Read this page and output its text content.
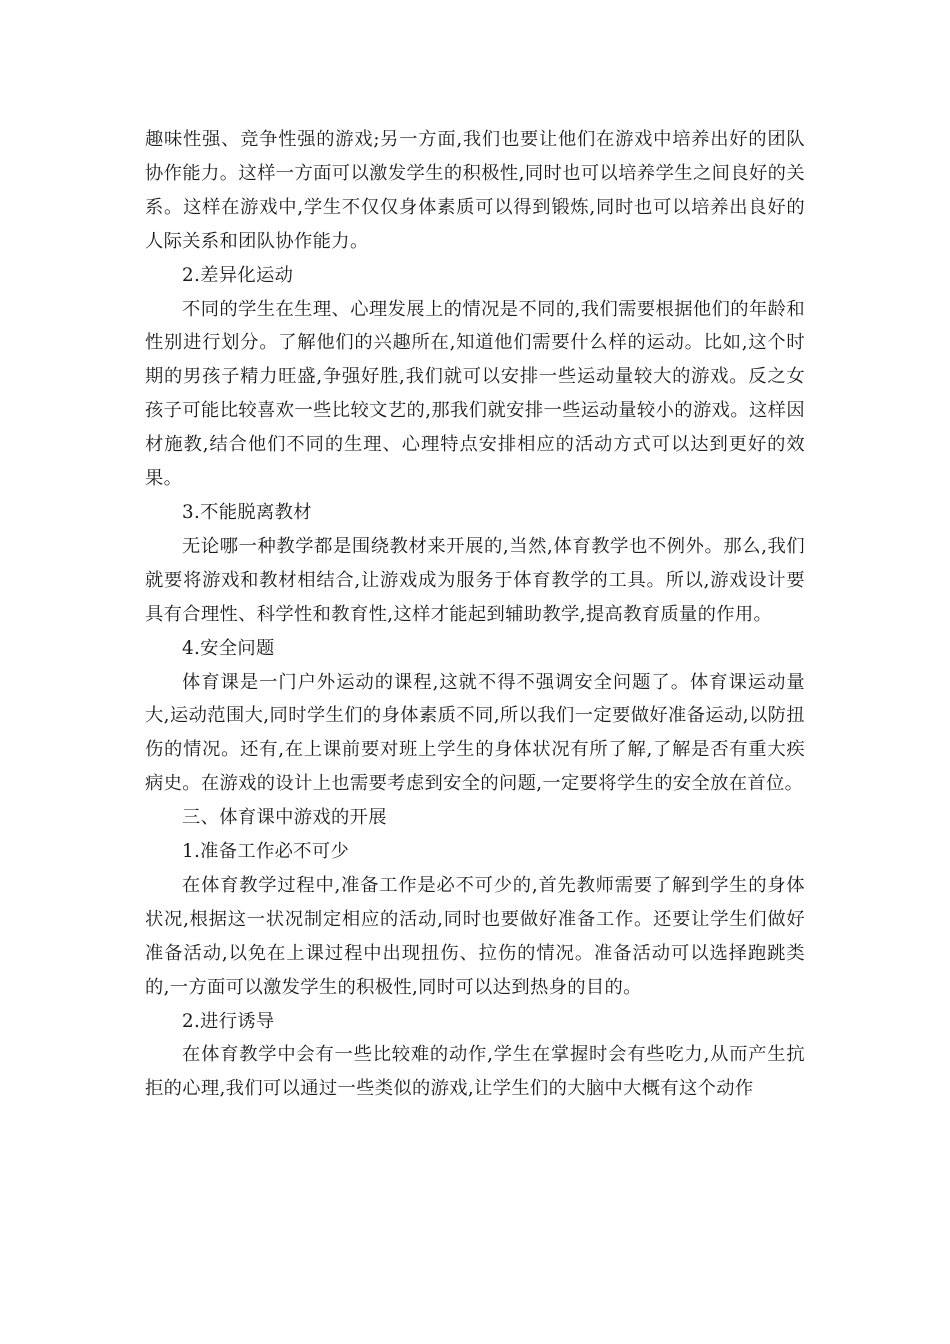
趣味性强、竞争性强的游戏;另一方面,我们也要让他们在游戏中培养出好的团队协作能力。这样一方面可以激发学生的积极性,同时也可以培养学生之间良好的关系。这样在游戏中,学生不仅仅身体素质可以得到锻炼,同时也可以培养出良好的人际关系和团队协作能力。

2.差异化运动

不同的学生在生理、心理发展上的情况是不同的,我们需要根据他们的年龄和性别进行划分。了解他们的兴趣所在,知道他们需要什么样的运动。比如,这个时期的男孩子精力旺盛,争强好胜,我们就可以安排一些运动量较大的游戏。反之女孩子可能比较喜欢一些比较文艺的,那我们就安排一些运动量较小的游戏。这样因材施教,结合他们不同的生理、心理特点安排相应的活动方式可以达到更好的效果。

3.不能脱离教材

无论哪一种教学都是围绕教材来开展的,当然,体育教学也不例外。那么,我们就要将游戏和教材相结合,让游戏成为服务于体育教学的工具。所以,游戏设计要具有合理性、科学性和教育性,这样才能起到辅助教学,提高教育质量的作用。

4.安全问题

体育课是一门户外运动的课程,这就不得不强调安全问题了。体育课运动量大,运动范围大,同时学生们的身体素质不同,所以我们一定要做好准备运动,以防扭伤的情况。还有,在上课前要对班上学生的身体状况有所了解,了解是否有重大疾病史。在游戏的设计上也需要考虑到安全的问题,一定要将学生的安全放在首位。

三、体育课中游戏的开展

1.准备工作必不可少

在体育教学过程中,准备工作是必不可少的,首先教师需要了解到学生的身体状况,根据这一状况制定相应的活动,同时也要做好准备工作。还要让学生们做好准备活动,以免在上课过程中出现扭伤、拉伤的情况。准备活动可以选择跑跳类的,一方面可以激发学生的积极性,同时可以达到热身的目的。

2.进行诱导

在体育教学中会有一些比较难的动作,学生在掌握时会有些吃力,从而产生抗拒的心理,我们可以通过一些类似的游戏,让学生们的大脑中大概有这个动作
